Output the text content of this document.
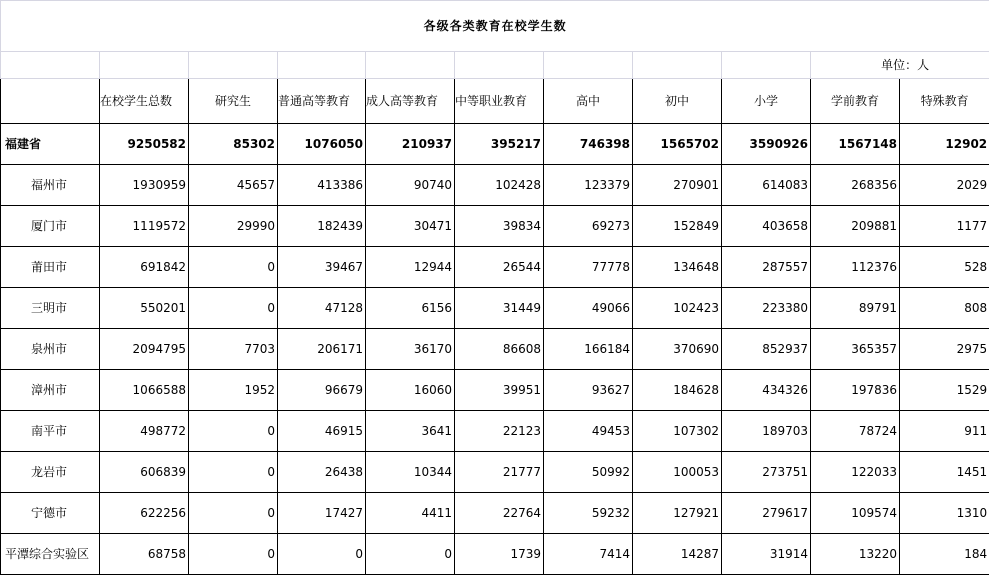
各级各类教育在校学生数										
									单位：人	
	在校学生总数	研究生	普通高等教育	成人高等教育	中等职业教育	高中	初中	小学	学前教育	特殊教育
福建省	9250582	85302	1076050	210937	395217	746398	1565702	3590926	1567148	12902
福州市	1930959	45657	413386	90740	102428	123379	270901	614083	268356	2029
厦门市	1119572	29990	182439	30471	39834	69273	152849	403658	209881	1177
莆田市	691842	0	39467	12944	26544	77778	134648	287557	112376	528
三明市	550201	0	47128	6156	31449	49066	102423	223380	89791	808
泉州市	2094795	7703	206171	36170	86608	166184	370690	852937	365357	2975
漳州市	1066588	1952	96679	16060	39951	93627	184628	434326	197836	1529
南平市	498772	0	46915	3641	22123	49453	107302	189703	78724	911
龙岩市	606839	0	26438	10344	21777	50992	100053	273751	122033	1451
宁德市	622256	0	17427	4411	22764	59232	127921	279617	109574	1310
平潭综合实验区	68758	0	0	0	1739	7414	14287	31914	13220	184
